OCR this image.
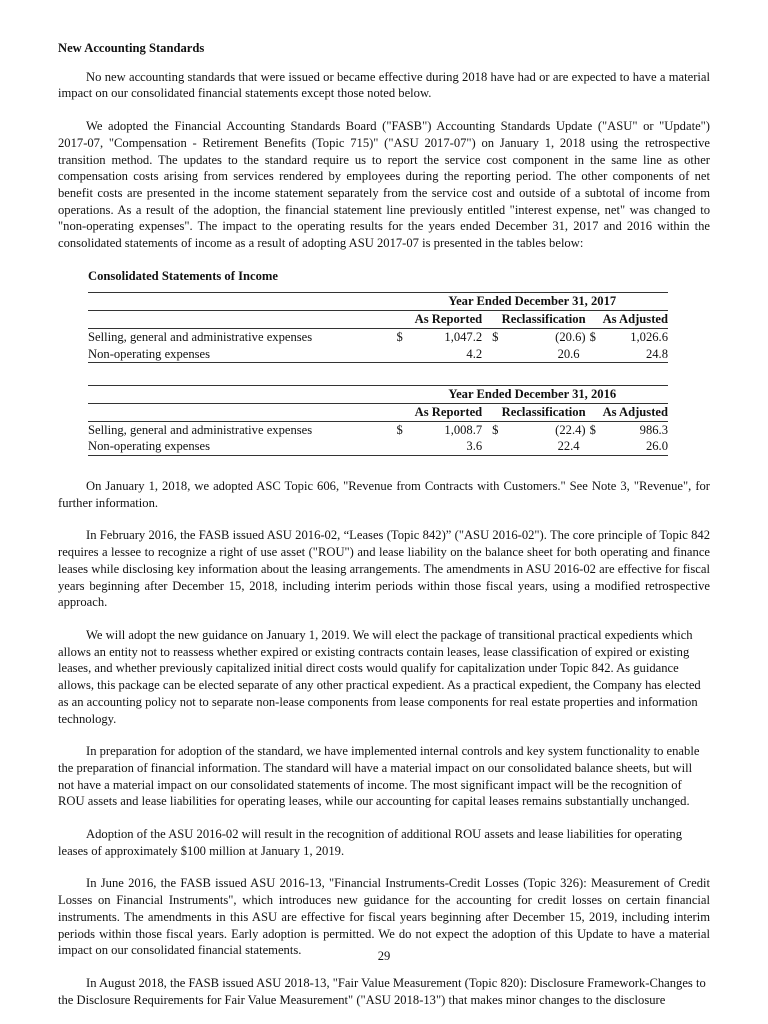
New Accounting Standards

No new accounting standards that were issued or became effective during 2018 have had or are expected to have a material impact on our consolidated financial statements except those noted below.

We adopted the Financial Accounting Standards Board ("FASB") Accounting Standards Update ("ASU" or "Update") 2017-07, "Compensation - Retirement Benefits (Topic 715)" ("ASU 2017-07") on January 1, 2018 using the retrospective transition method. The updates to the standard require us to report the service cost component in the same line as other compensation costs arising from services rendered by employees during the reporting period. The other components of net benefit costs are presented in the income statement separately from the service cost and outside of a subtotal of income from operations. As a result of the adoption, the financial statement line previously entitled "interest expense, net" was changed to "non-operating expenses". The impact to the operating results for the years ended December 31, 2017 and 2016 within the consolidated statements of income as a result of adopting ASU 2017-07 is presented in the tables below:

Consolidated Statements of Income
	Year Ended December 31, 2017					
		As Reported		Reclassification		As Adjusted
Selling, general and administrative expenses	$	1,047.2	$	(20.6)	$	1,026.6
Non-operating expenses		4.2		20.6		24.8
	Year Ended December 31, 2016					
		As Reported		Reclassification		As Adjusted
Selling, general and administrative expenses	$	1,008.7	$	(22.4)	$	986.3
Non-operating expenses		3.6		22.4		26.0

On January 1, 2018, we adopted ASC Topic 606, "Revenue from Contracts with Customers." See Note 3, "Revenue", for further information.

In February 2016, the FASB issued ASU 2016-02, “Leases (Topic 842)” ("ASU 2016-02"). The core principle of Topic 842 requires a lessee to recognize a right of use asset ("ROU") and lease liability on the balance sheet for both operating and finance leases while disclosing key information about the leasing arrangements. The amendments in ASU 2016-02 are effective for fiscal years beginning after December 15, 2018, including interim periods within those fiscal years, using a modified retrospective approach.

We will adopt the new guidance on January 1, 2019. We will elect the package of transitional practical expedients which allows an entity not to reassess whether expired or existing contracts contain leases, lease classification of expired or existing leases, and whether previously capitalized initial direct costs would qualify for capitalization under Topic 842. As guidance allows, this package can be elected separate of any other practical expedient. As a practical expedient, the Company has elected as an accounting policy not to separate non-lease components from lease components for real estate properties and information technology.

In preparation for adoption of the standard, we have implemented internal controls and key system functionality to enable the preparation of financial information. The standard will have a material impact on our consolidated balance sheets, but will not have a material impact on our consolidated statements of income. The most significant impact will be the recognition of ROU assets and lease liabilities for operating leases, while our accounting for capital leases remains substantially unchanged.

Adoption of the ASU 2016-02 will result in the recognition of additional ROU assets and lease liabilities for operating leases of approximately $100 million at January 1, 2019.

In June 2016, the FASB issued ASU 2016-13, "Financial Instruments-Credit Losses (Topic 326): Measurement of Credit Losses on Financial Instruments", which introduces new guidance for the accounting for credit losses on certain financial instruments. The amendments in this ASU are effective for fiscal years beginning after December 15, 2019, including interim periods within those fiscal years. Early adoption is permitted. We do not expect the adoption of this Update to have a material impact on our consolidated financial statements.

In August 2018, the FASB issued ASU 2018-13, "Fair Value Measurement (Topic 820): Disclosure Framework-Changes to the Disclosure Requirements for Fair Value Measurement" ("ASU 2018-13") that makes minor changes to the disclosure

29
